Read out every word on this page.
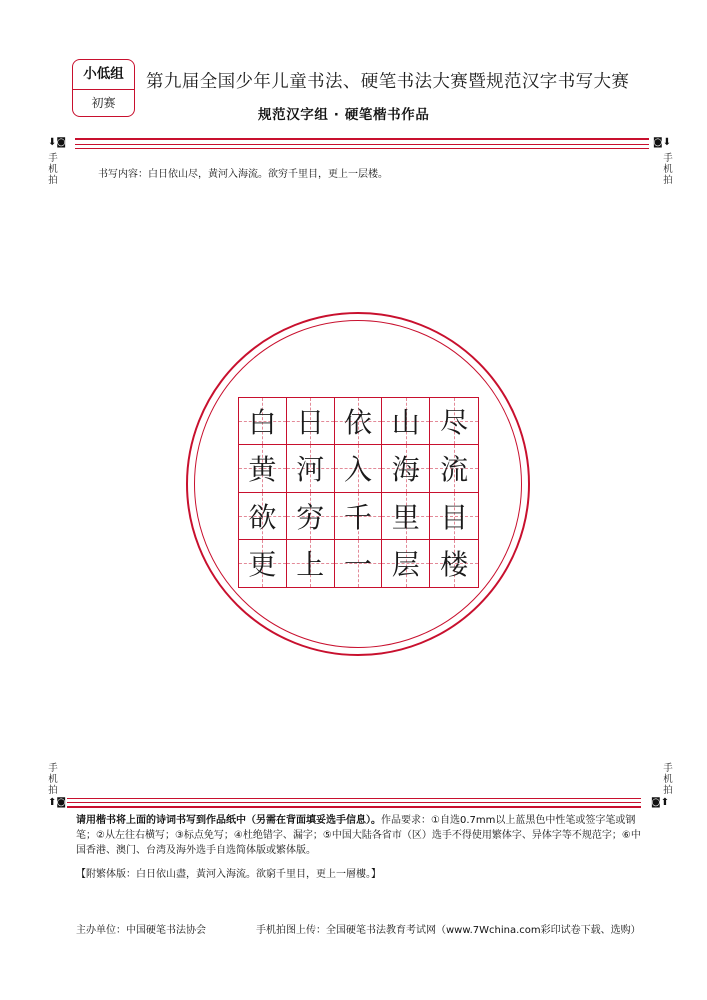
小低组
初赛
第九届全国少年儿童书法、硬笔书法大赛暨规范汉字书写大赛
规范汉字组 · 硬笔楷书作品
⬇◙	◙⬇
手机拍
手机拍
书写内容：白日依山尽，黄河入海流。欲穷千里目，更上一层楼。
白 日 依 山 尽
黄 河 入 海 流
欲 穷 千 里 目
更 上 一 层 楼
手机拍
手机拍
⬆◙	◙⬆
请用楷书将上面的诗词书写到作品纸中（另需在背面填妥选手信息）。作品要求：①自选0.7mm以上蓝黑色中性笔或签字笔或钢笔；②从左往右横写；③标点免写；④杜绝错字、漏字；⑤中国大陆各省市（区）选手不得使用繁体字、异体字等不规范字；⑥中国香港、澳门、台湾及海外选手自选简体版或繁体版。
【附繁体版：白日依山盡，黃河入海流。欲窮千里目，更上一層樓。】
主办单位：中国硬笔书法协会	手机拍图上传：全国硬笔书法教育考试网（www.7Wchina.com彩印试卷下载、选购）
